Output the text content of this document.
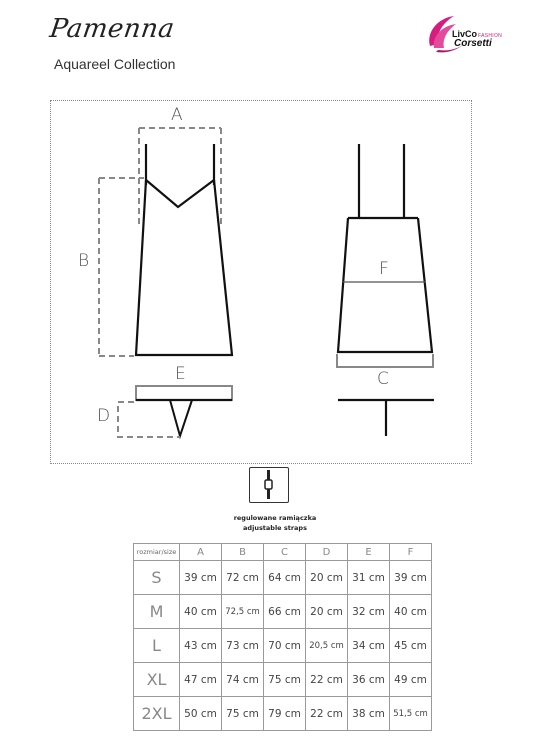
Pamenna
Aquareel Collection
LivCoFASHION
Corsetti
A
B
C
D
E
F
regulowane ramiączka
adjustable straps
rozmiar/size	A	B	C	D	E	F
S	39 cm	72 cm	64 cm	20 cm	31 cm	39 cm
M	40 cm	72,5 cm	66 cm	20 cm	32 cm	40 cm
L	43 cm	73 cm	70 cm	20,5 cm	34 cm	45 cm
XL	47 cm	74 cm	75 cm	22 cm	36 cm	49 cm
2XL	50 cm	75 cm	79 cm	22 cm	38 cm	51,5 cm
